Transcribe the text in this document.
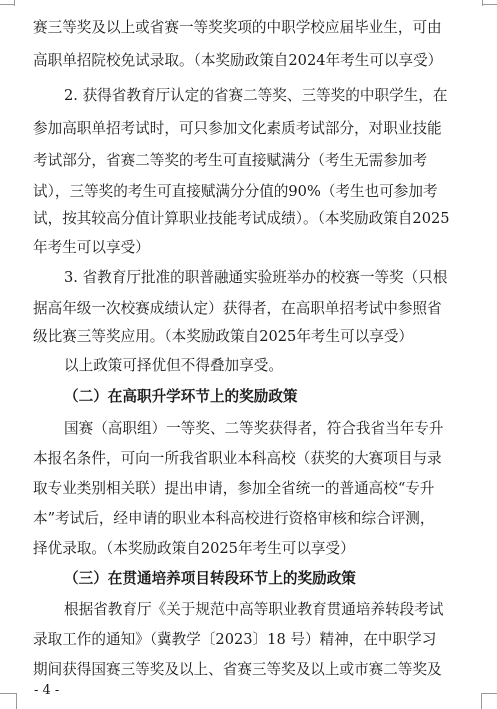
赛三等奖及以上或省赛一等奖奖项的中职学校应届毕业生，可由
高职单招院校免试录取。（本奖励政策自2024年考生可以享受）
2. 获得省教育厅认定的省赛二等奖、三等奖的中职学生，在
参加高职单招考试时，可只参加文化素质考试部分，对职业技能
考试部分，省赛二等奖的考生可直接赋满分（考生无需参加考
试），三等奖的考生可直接赋满分分值的90%（考生也可参加考
试，按其较高分值计算职业技能考试成绩）。（本奖励政策自2025
年考生可以享受）
3. 省教育厅批准的职普融通实验班举办的校赛一等奖（只根
据高年级一次校赛成绩认定）获得者，在高职单招考试中参照省
级比赛三等奖应用。（本奖励政策自2025年考生可以享受）
以上政策可择优但不得叠加享受。
（二）在高职升学环节上的奖励政策
国赛（高职组）一等奖、二等奖获得者，符合我省当年专升
本报名条件，可向一所我省职业本科高校（获奖的大赛项目与录
取专业类别相关联）提出申请，参加全省统一的普通高校“专升
本”考试后，经申请的职业本科高校进行资格审核和综合评测，
择优录取。（本奖励政策自2025年考生可以享受）
（三）在贯通培养项目转段环节上的奖励政策
根据省教育厅《关于规范中高等职业教育贯通培养转段考试
录取工作的通知》（冀教学〔2023〕18 号）精神，在中职学习
期间获得国赛三等奖及以上、省赛三等奖及以上或市赛二等奖及
- 4 -
